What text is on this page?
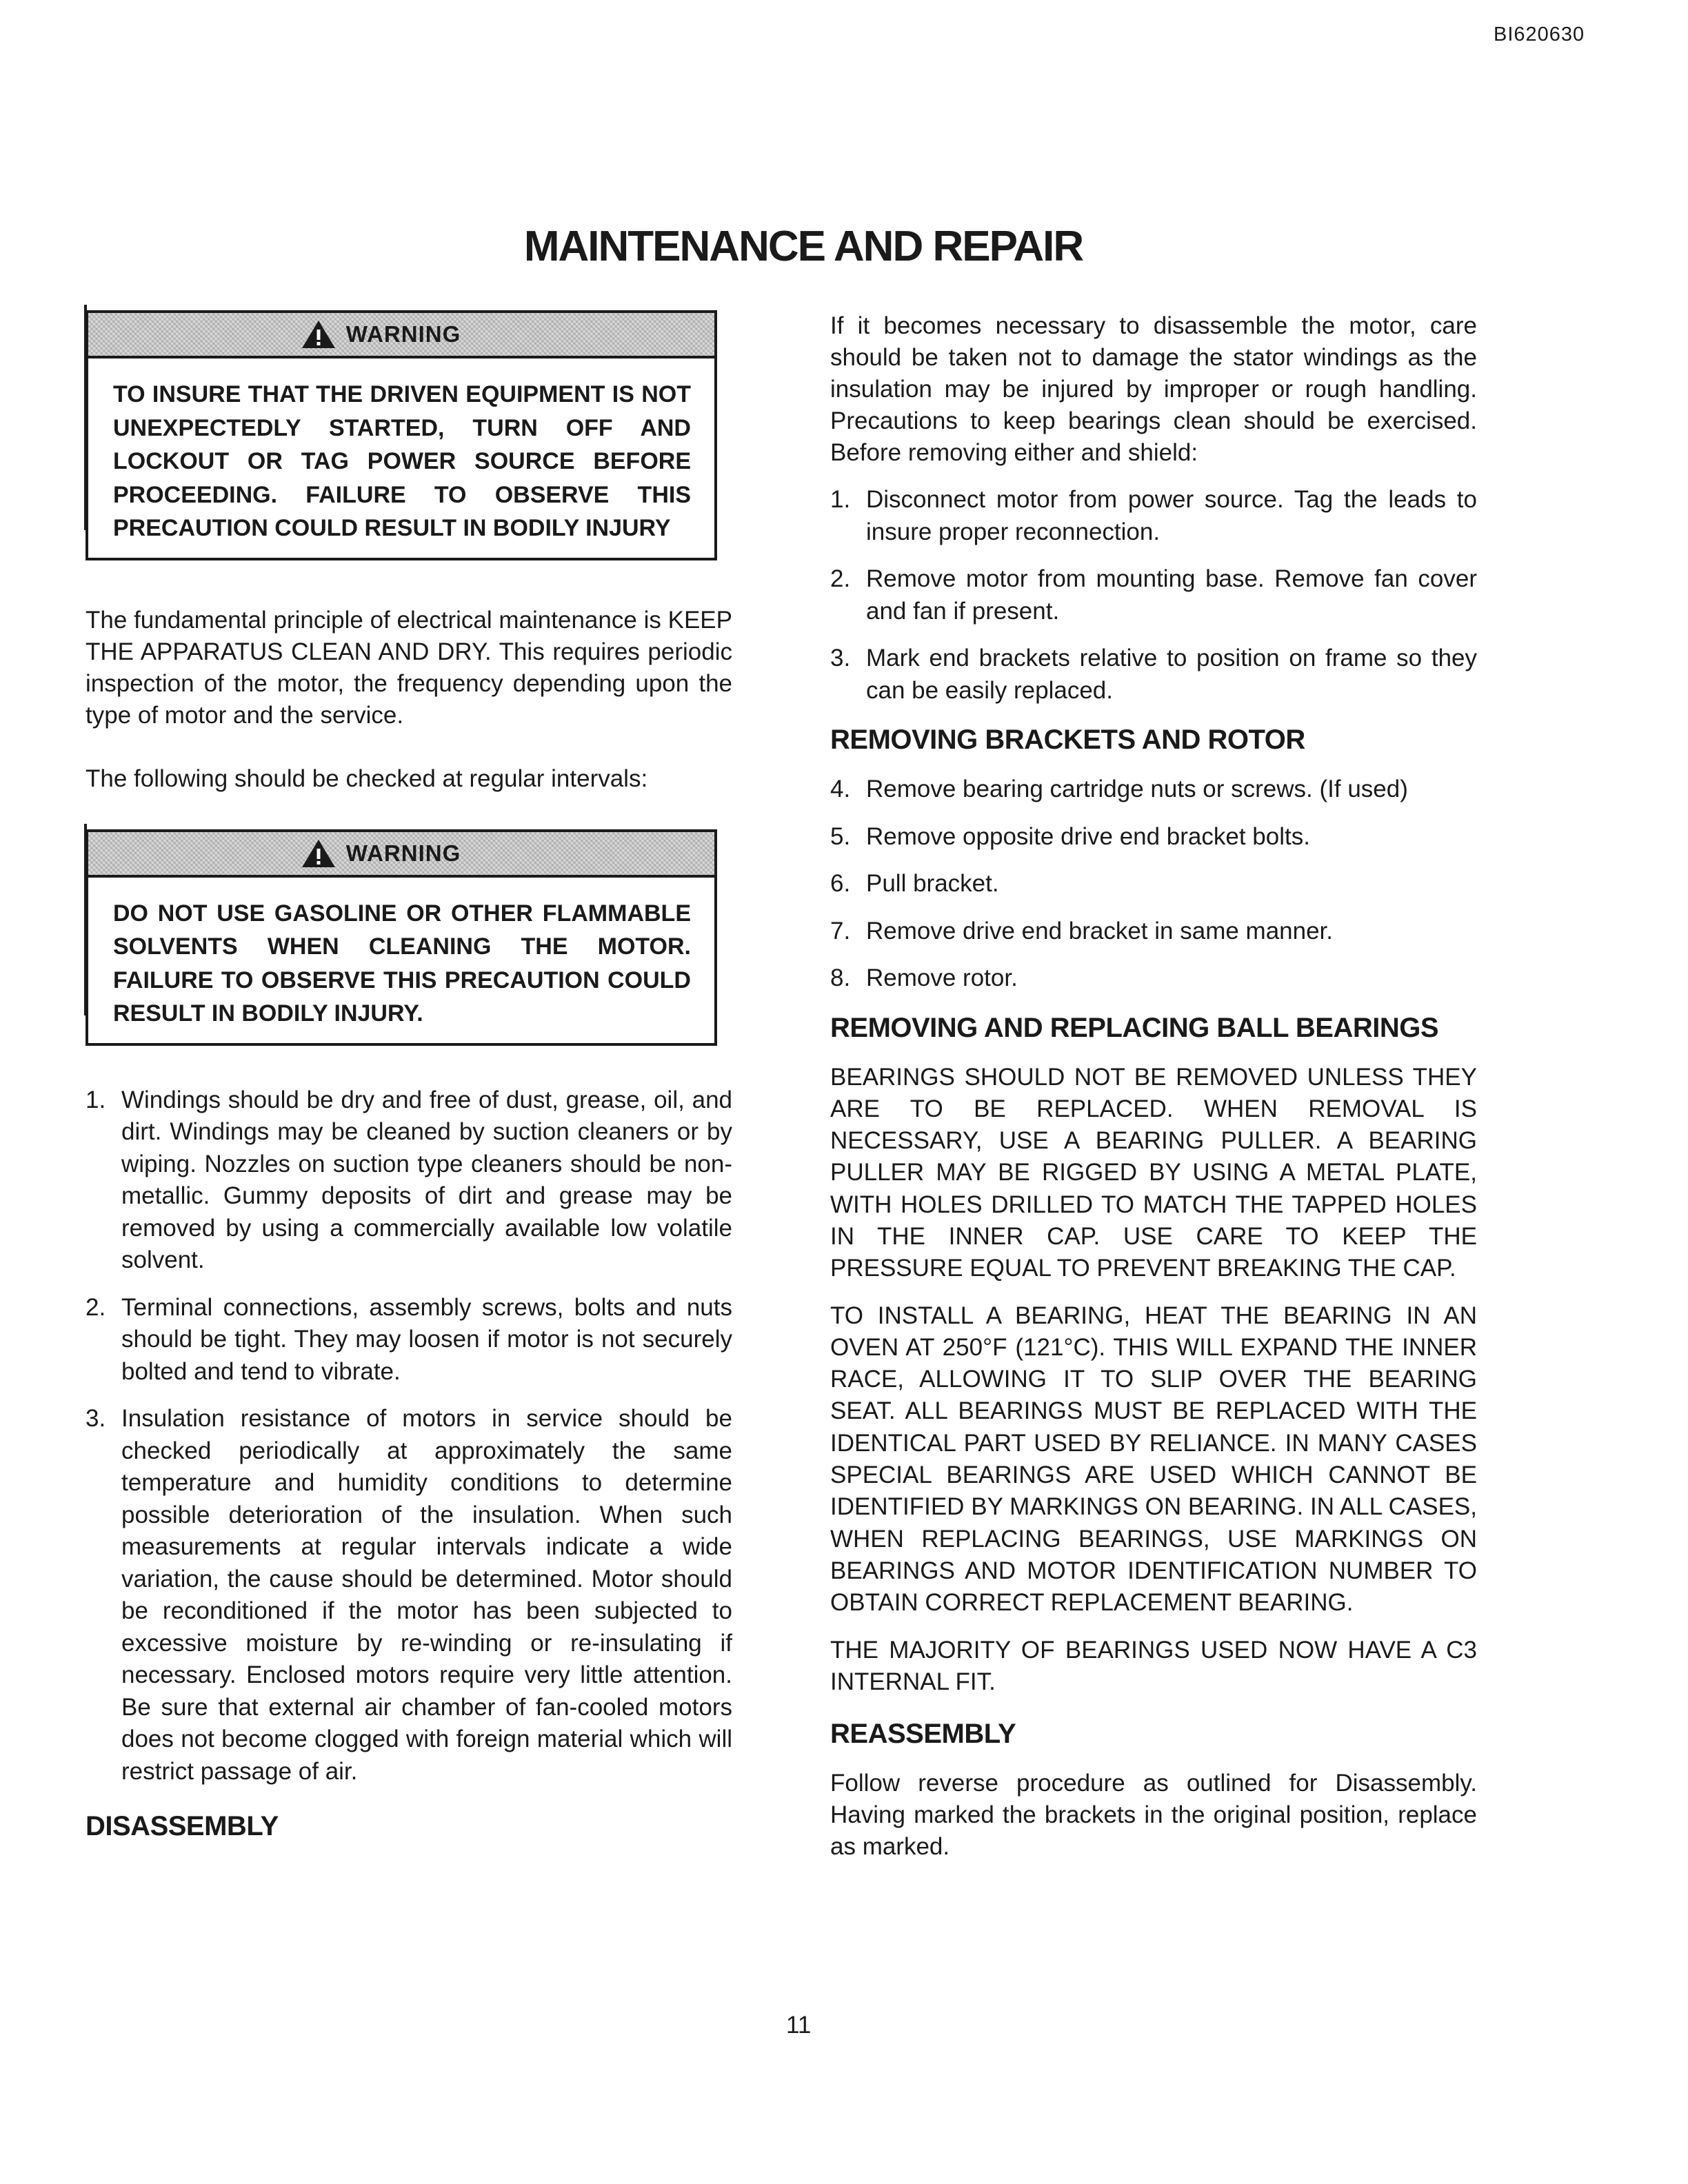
BI620630
MAINTENANCE AND REPAIR
WARNING
TO INSURE THAT THE DRIVEN EQUIPMENT IS NOT UNEXPECTEDLY STARTED, TURN OFF AND LOCKOUT OR TAG POWER SOURCE BEFORE PROCEEDING. FAILURE TO OBSERVE THIS PRECAUTION COULD RESULT IN BODILY INJURY

The fundamental principle of electrical maintenance is KEEP THE APPARATUS CLEAN AND DRY. This requires periodic inspection of the motor, the frequency depending upon the type of motor and the service.

The following should be checked at regular intervals:

WARNING
DO NOT USE GASOLINE OR OTHER FLAMMABLE SOLVENTS WHEN CLEANING THE MOTOR. FAILURE TO OBSERVE THIS PRECAUTION COULD RESULT IN BODILY INJURY.
1. Windings should be dry and free of dust, grease, oil, and dirt. Windings may be cleaned by suction cleaners or by wiping. Nozzles on suction type cleaners should be non-metallic. Gummy deposits of dirt and grease may be removed by using a commercially available low volatile solvent.
2. Terminal connections, assembly screws, bolts and nuts should be tight. They may loosen if motor is not securely bolted and tend to vibrate.
3. Insulation resistance of motors in service should be checked periodically at approximately the same temperature and humidity conditions to determine possible deterioration of the insulation. When such measurements at regular intervals indicate a wide variation, the cause should be determined. Motor should be reconditioned if the motor has been subjected to excessive moisture by re-winding or re-insulating if necessary. Enclosed motors require very little attention. Be sure that external air chamber of fan-cooled motors does not become clogged with foreign material which will restrict passage of air.
DISASSEMBLY

If it becomes necessary to disassemble the motor, care should be taken not to damage the stator windings as the insulation may be injured by improper or rough handling. Precautions to keep bearings clean should be exercised. Before removing either and shield:

1. Disconnect motor from power source. Tag the leads to insure proper reconnection.
2. Remove motor from mounting base. Remove fan cover and fan if present.
3. Mark end brackets relative to position on frame so they can be easily replaced.
REMOVING BRACKETS AND ROTOR
4. Remove bearing cartridge nuts or screws. (If used)
5. Remove opposite drive end bracket bolts.
6. Pull bracket.
7. Remove drive end bracket in same manner.
8. Remove rotor.
REMOVING AND REPLACING BALL BEARINGS

BEARINGS SHOULD NOT BE REMOVED UNLESS THEY ARE TO BE REPLACED. WHEN REMOVAL IS NECESSARY, USE A BEARING PULLER. A BEARING PULLER MAY BE RIGGED BY USING A METAL PLATE, WITH HOLES DRILLED TO MATCH THE TAPPED HOLES IN THE INNER CAP. USE CARE TO KEEP THE PRESSURE EQUAL TO PREVENT BREAKING THE CAP.

TO INSTALL A BEARING, HEAT THE BEARING IN AN OVEN AT 250°F (121°C). THIS WILL EXPAND THE INNER RACE, ALLOWING IT TO SLIP OVER THE BEARING SEAT. ALL BEARINGS MUST BE REPLACED WITH THE IDENTICAL PART USED BY RELIANCE. IN MANY CASES SPECIAL BEARINGS ARE USED WHICH CANNOT BE IDENTIFIED BY MARKINGS ON BEARING. IN ALL CASES, WHEN REPLACING BEARINGS, USE MARKINGS ON BEARINGS AND MOTOR IDENTIFICATION NUMBER TO OBTAIN CORRECT REPLACEMENT BEARING.

THE MAJORITY OF BEARINGS USED NOW HAVE A C3 INTERNAL FIT.

REASSEMBLY

Follow reverse procedure as outlined for Disassembly. Having marked the brackets in the original position, replace as marked.

11
